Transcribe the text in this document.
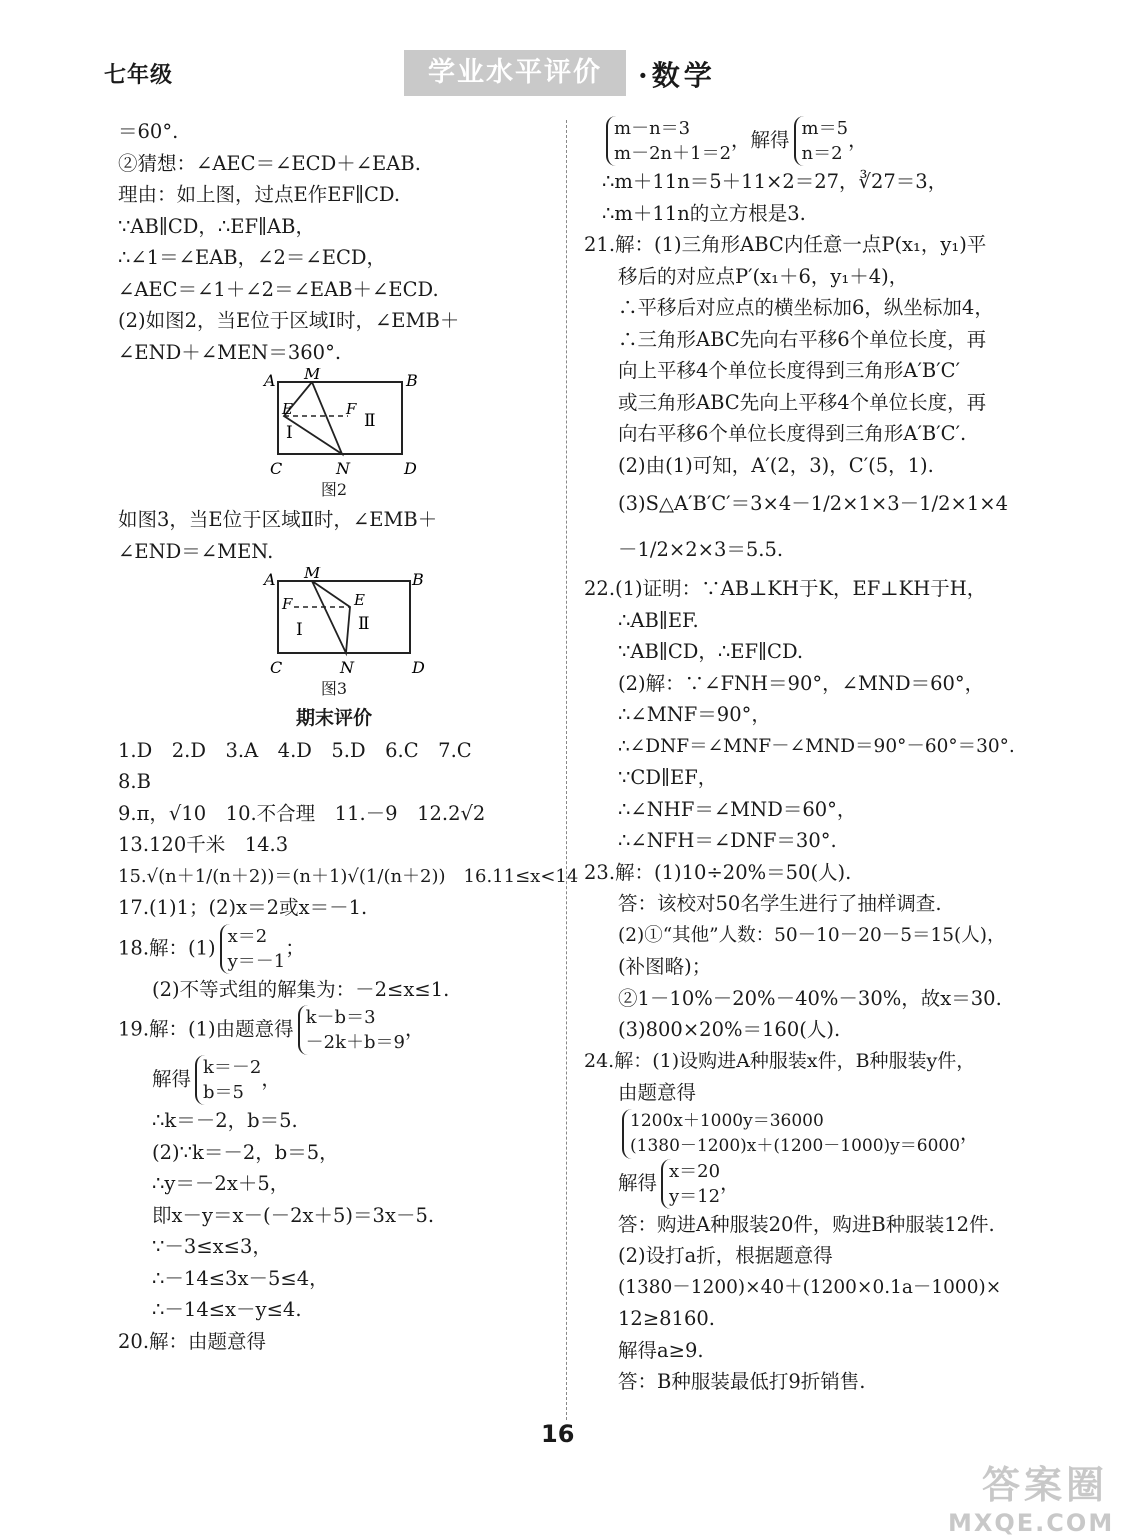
七年级	学业水平评价	·数学
＝60°.
②猜想：∠AEC＝∠ECD＋∠EAB.
理由：如上图，过点E作EF∥CD.
∵AB∥CD，∴EF∥AB，
∴∠1＝∠EAB，∠2＝∠ECD，
∠AEC＝∠1＋∠2＝∠EAB＋∠ECD.
(2)如图2，当E位于区域Ⅰ时，∠EMB＋
∠END＋∠MEN＝360°.
A M	B
E	F
Ⅰ
Ⅱ
C	N	D
图2
如图3，当E位于区域Ⅱ时，∠EMB＋
∠END＝∠MEN.
A M	B
F	E
Ⅰ	Ⅱ
C	N	D
图3
期末评价
1.D　2.D　3.A　4.D　5.D　6.C　7.C
8.B
9.π，√10　10.不合理　11.－9　12.2√2
13.120千米　14.3
15.√(n＋1/(n＋2))＝(n＋1)√(1/(n＋2))　16.11≤x<14
17.(1)1；(2)x＝2或x＝－1.
18.解：(1) x＝2
y＝－1；
(2)不等式组的解集为：－2≤x≤1.
19.解：(1)由题意得 k－b＝3
－2k＋b＝9，
解得 k＝－2
b＝5，
∴k＝－2，b＝5.
(2)∵k＝－2，b＝5，
∴y＝－2x＋5，
即x－y＝x－(－2x＋5)＝3x－5.
∵－3≤x≤3，
∴－14≤3x－5≤4，
∴－14≤x－y≤4.
20.解：由题意得
m－n＝3
m－2n＋1＝2，解得 m＝5
n＝2，
∴m＋11n＝5＋11×2＝27，∛27＝3，
∴m＋11n的立方根是3.
21.解：(1)三角形ABC内任意一点P(x₁，y₁)平
移后的对应点P′(x₁＋6，y₁＋4)，
∴平移后对应点的横坐标加6，纵坐标加4，
∴三角形ABC先向右平移6个单位长度，再
向上平移4个单位长度得到三角形A′B′C′
或三角形ABC先向上平移4个单位长度，再
向右平移6个单位长度得到三角形A′B′C′.
(2)由(1)可知，A′(2，3)，C′(5，1).
(3)S△A′B′C′＝3×4－1/2×1×3－1/2×1×4
－1/2×2×3＝5.5.
22.(1)证明：∵AB⊥KH于K，EF⊥KH于H，
∴AB∥EF.
∵AB∥CD，∴EF∥CD.
(2)解：∵∠FNH＝90°，∠MND＝60°，
∴∠MNF＝90°，
∴∠DNF＝∠MNF－∠MND＝90°－60°＝30°.
∵CD∥EF，
∴∠NHF＝∠MND＝60°，
∴∠NFH＝∠DNF＝30°.
23.解：(1)10÷20%＝50(人).
答：该校对50名学生进行了抽样调查.
(2)①“其他”人数：50－10－20－5＝15(人)，
(补图略)；
②1－10%－20%－40%－30%，故x＝30.
(3)800×20%＝160(人).
24.解：(1)设购进A种服装x件，B种服装y件，
由题意得
1200x＋1000y＝36000
(1380－1200)x＋(1200－1000)y＝6000，
解得 x＝20
y＝12，
答：购进A种服装20件，购进B种服装12件.
(2)设打a折，根据题意得
(1380－1200)×40＋(1200×0.1a－1000)×
12≥8160.
解得a≥9.
答：B种服装最低打9折销售.
16
答案圈
MXQE.COM
